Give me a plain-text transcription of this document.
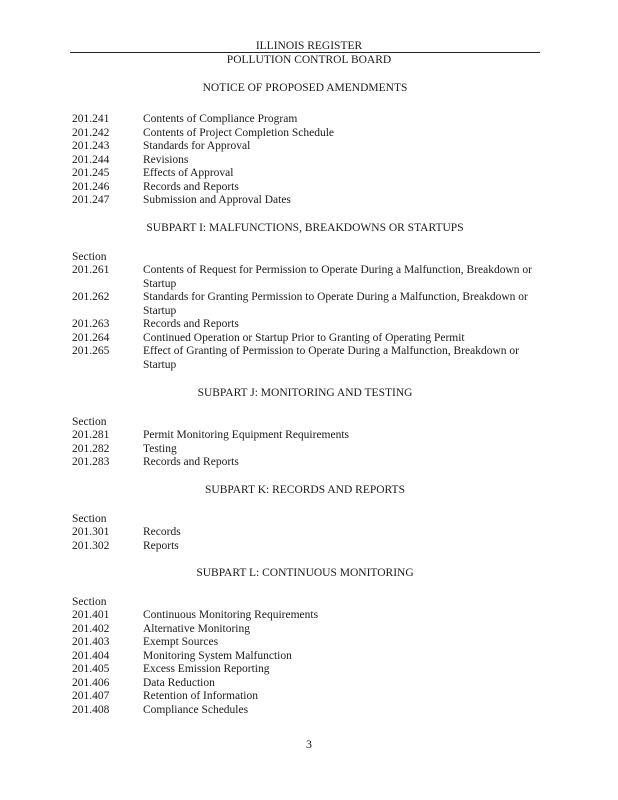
ILLINOIS REGISTER
POLLUTION CONTROL BOARD
NOTICE OF PROPOSED AMENDMENTS
201.241	Contents of Compliance Program
201.242	Contents of Project Completion Schedule
201.243	Standards for Approval
201.244	Revisions
201.245	Effects of Approval
201.246	Records and Reports
201.247	Submission and Approval Dates
SUBPART I: MALFUNCTIONS, BREAKDOWNS OR STARTUPS
Section
201.261	Contents of Request for Permission to Operate During a Malfunction, Breakdown or Startup
201.262	Standards for Granting Permission to Operate During a Malfunction, Breakdown or Startup
201.263	Records and Reports
201.264	Continued Operation or Startup Prior to Granting of Operating Permit
201.265	Effect of Granting of Permission to Operate During a Malfunction, Breakdown or Startup
SUBPART J: MONITORING AND TESTING
Section
201.281	Permit Monitoring Equipment Requirements
201.282	Testing
201.283	Records and Reports
SUBPART K: RECORDS AND REPORTS
Section
201.301	Records
201.302	Reports
SUBPART L: CONTINUOUS MONITORING
Section
201.401	Continuous Monitoring Requirements
201.402	Alternative Monitoring
201.403	Exempt Sources
201.404	Monitoring System Malfunction
201.405	Excess Emission Reporting
201.406	Data Reduction
201.407	Retention of Information
201.408	Compliance Schedules
3
